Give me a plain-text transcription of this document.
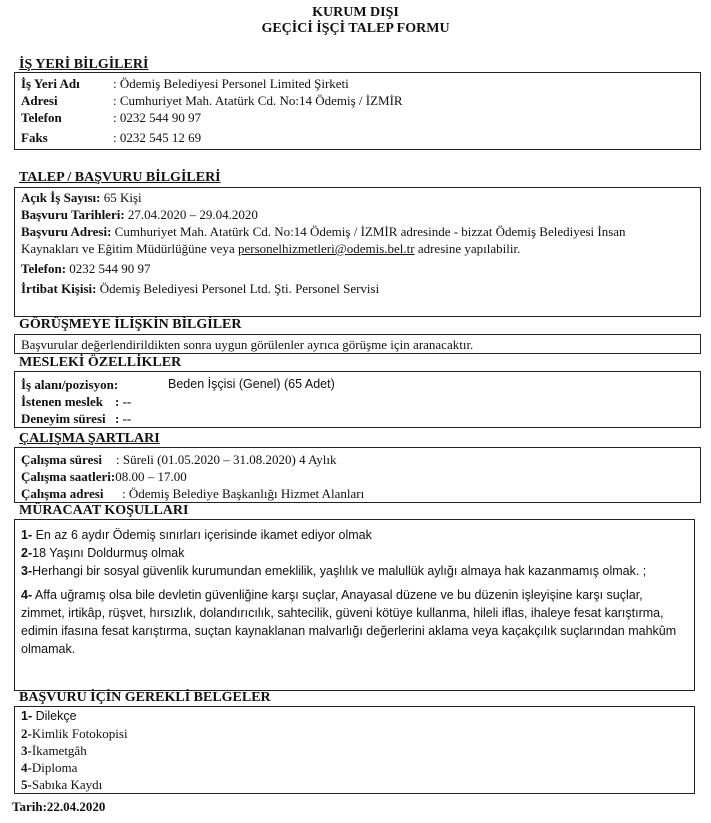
KURUM DIŞI
GEÇİCİ İŞÇİ TALEP FORMU
İŞ YERİ BİLGİLERİ
İş Yeri Adı	: Ödemiş Belediyesi Personel Limited Şirketi
Adresi	: Cumhuriyet Mah. Atatürk Cd. No:14 Ödemiş / İZMİR
Telefon	: 0232 544 90 97
Faks	: 0232 545 12 69
TALEP / BAŞVURU BİLGİLERİ

Açık İş Sayısı: 65 Kişi

Başvuru Tarihleri: 27.04.2020 – 29.04.2020

Başvuru Adresi: Cumhuriyet Mah. Atatürk Cd. No:14 Ödemiş / İZMİR adresinde - bizzat Ödemiş Belediyesi İnsan Kaynakları ve Eğitim Müdürlüğüne veya personelhizmetleri@odemis.bel.tr adresine yapılabilir.

Telefon: 0232 544 90 97

İrtibat Kişisi: Ödemiş Belediyesi Personel Ltd. Şti. Personel Servisi

GÖRÜŞMEYE İLİŞKİN BİLGİLER

Başvurular değerlendirildikten sonra uygun görülenler ayrıca görüşme için aranacaktır.

MESLEKİ ÖZELLİKLER
İş alanı/pozisyon:	Beden İşçisi (Genel) (65 Adet)
İstenen meslek : --
Deneyim süresi : --
ÇALIŞMA ŞARTLARI
Çalışma süresi	: Süreli (01.05.2020 – 31.08.2020) 4 Aylık
Çalışma saatleri: 08.00 – 17.00
Çalışma adresi	: Ödemiş Belediye Başkanlığı Hizmet Alanları
MÜRACAAT KOŞULLARI

1- En az 6 aydır Ödemiş sınırları içerisinde ikamet ediyor olmak

2-18 Yaşını Doldurmuş olmak

3-Herhangi bir sosyal güvenlik kurumundan emeklilik, yaşlılık ve malullük aylığı almaya hak kazanmamış olmak. ;

4- Affa uğramış olsa bile devletin güvenliğine karşı suçlar, Anayasal düzene ve bu düzenin işleyişine karşı suçlar, zimmet, irtikâp, rüşvet, hırsızlık, dolandırıcılık, sahtecilik, güveni kötüye kullanma, hileli iflas, ihaleye fesat karıştırma, edimin ifasına fesat karıştırma, suçtan kaynaklanan malvarlığı değerlerini aklama veya kaçakçılık suçlarından mahkûm olmamak.

BAŞVURU İÇİN GEREKLİ BELGELER

1- Dilekçe

2-Kimlik Fotokopisi

3-İkametgâh

4-Diploma

5-Sabıka Kaydı

Tarih:22.04.2020
